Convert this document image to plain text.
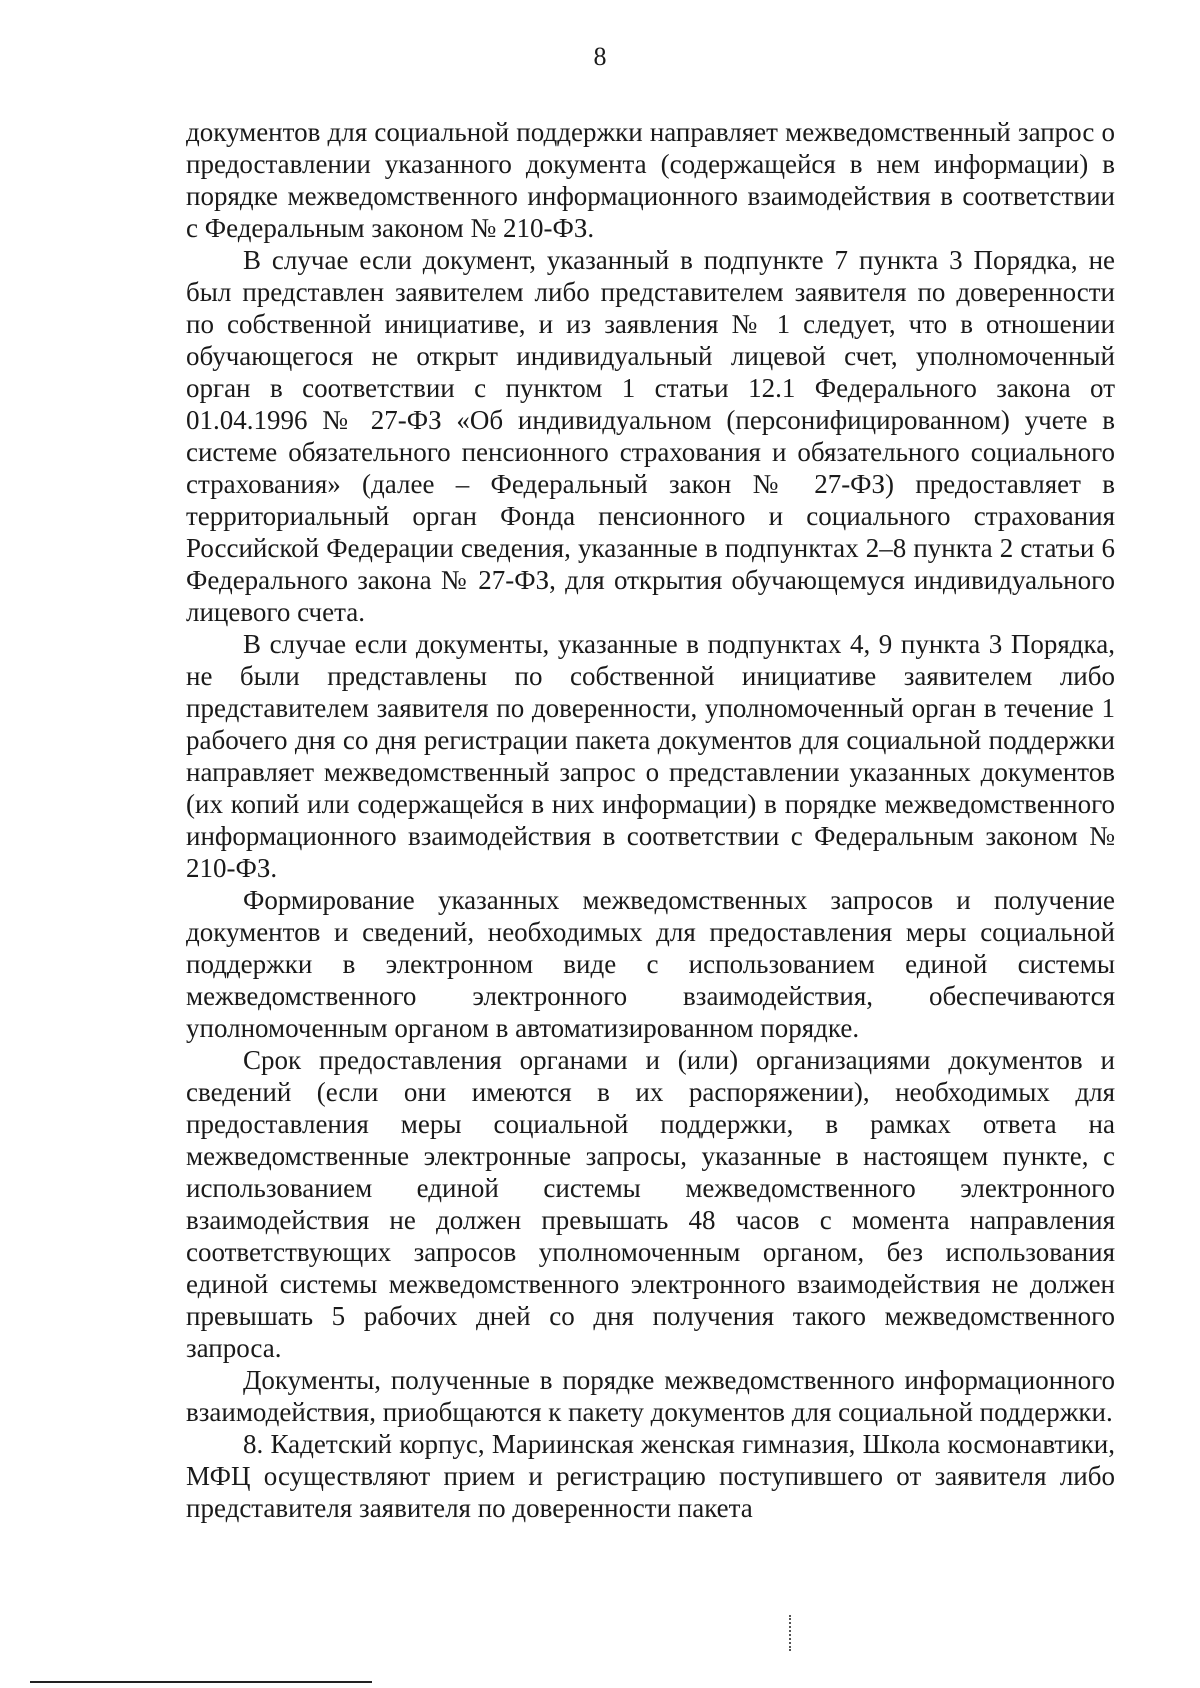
8

документов для социальной поддержки направляет межведомственный запрос о предоставлении указанного документа (содержащейся в нем информации) в порядке межведомственного информационного взаимодействия в соответствии с Федеральным законом № 210-ФЗ.

В случае если документ, указанный в подпункте 7 пункта 3 Порядка, не был представлен заявителем либо представителем заявителя по доверенности по собственной инициативе, и из заявления № 1 следует, что в отношении обучающегося не открыт индивидуальный лицевой счет, уполномоченный орган в соответствии с пунктом 1 статьи 12.1 Федерального закона от 01.04.1996 № 27-ФЗ «Об индивидуальном (персонифицированном) учете в системе обязательного пенсионного страхования и обязательного социального страхования» (далее – Федеральный закон № 27-ФЗ) предоставляет в территориальный орган Фонда пенсионного и социального страхования Российской Федерации сведения, указанные в подпунктах 2–8 пункта 2 статьи 6 Федерального закона № 27-ФЗ, для открытия обучающемуся индивидуального лицевого счета.

В случае если документы, указанные в подпунктах 4, 9 пункта 3 Порядка, не были представлены по собственной инициативе заявителем либо представителем заявителя по доверенности, уполномоченный орган в течение 1 рабочего дня со дня регистрации пакета документов для социальной поддержки направляет межведомственный запрос о представлении указанных документов (их копий или содержащейся в них информации) в порядке межведомственного информационного взаимодействия в соответствии с Федеральным законом № 210-ФЗ.

Формирование указанных межведомственных запросов и получение документов и сведений, необходимых для предоставления меры социальной поддержки в электронном виде с использованием единой системы межведомственного электронного взаимодействия, обеспечиваются уполномоченным органом в автоматизированном порядке.

Срок предоставления органами и (или) организациями документов и сведений (если они имеются в их распоряжении), необходимых для предоставления меры социальной поддержки, в рамках ответа на межведомственные электронные запросы, указанные в настоящем пункте, с использованием единой системы межведомственного электронного взаимодействия не должен превышать 48 часов с момента направления соответствующих запросов уполномоченным органом, без использования единой системы межведомственного электронного взаимодействия не должен превышать 5 рабочих дней со дня получения такого межведомственного запроса.

Документы, полученные в порядке межведомственного информационного взаимодействия, приобщаются к пакету документов для социальной поддержки.

8. Кадетский корпус, Мариинская женская гимназия, Школа космонавтики, МФЦ осуществляют прием и регистрацию поступившего от заявителя либо представителя заявителя по доверенности пакета
